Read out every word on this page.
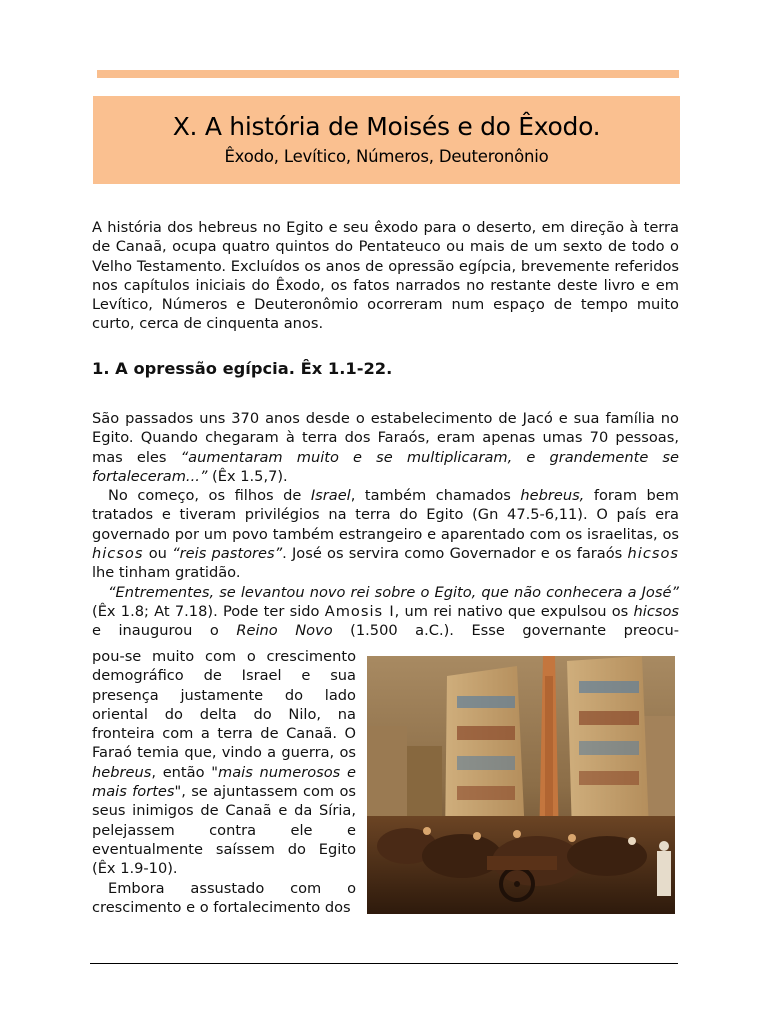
X. A história de Moisés e do Êxodo.
Êxodo, Levítico, Números, Deuteronônio
A história dos hebreus no Egito e seu êxodo para o deserto, em direção à terra de Canaã, ocupa quatro quintos do Pentateuco ou mais de um sexto de todo o Velho Testamento. Excluídos os anos de opressão egípcia, brevemente referidos nos capítulos iniciais do Êxodo, os fatos narrados no restante deste livro e em Levítico, Números e Deuteronômio ocorreram num espaço de tempo muito curto, cerca de cinquenta anos.
1. A opressão egípcia. Êx 1.1-22.

São passados uns 370 anos desde o estabelecimento de Jacó e sua família no Egito. Quando chegaram à terra dos Faraós, eram apenas umas 70 pessoas, mas eles “aumentaram muito e se multiplicaram, e grandemente se fortaleceram...” (Êx 1.5,7).

No começo, os filhos de Israel, também chamados hebreus, foram bem tratados e tiveram privilégios na terra do Egito (Gn 47.5-6,11). O país era governado por um povo também estrangeiro e aparentado com os israelitas, os hicsos ou “reis pastores”. José os servira como Governador e os faraós hicsos lhe tinham gratidão.

“Entrementes, se levantou novo rei sobre o Egito, que não conhecera a José” (Êx 1.8; At 7.18). Pode ter sido Amosis I, um rei nativo que expulsou os hicsos e inaugurou o Reino Novo (1.500 a.C.). Esse governante preocu-

pou-se muito com o crescimento demográfico de Israel e sua presença justamente do lado oriental do delta do Nilo, na fronteira com a terra de Canaã. O Faraó temia que, vindo a guerra, os hebreus, então "mais numerosos e mais fortes", se ajuntassem com os seus inimigos de Canaã e da Síria, pelejassem contra ele e eventualmente saíssem do Egito (Êx 1.9-10).

Embora assustado com o crescimento e o fortalecimento dos
